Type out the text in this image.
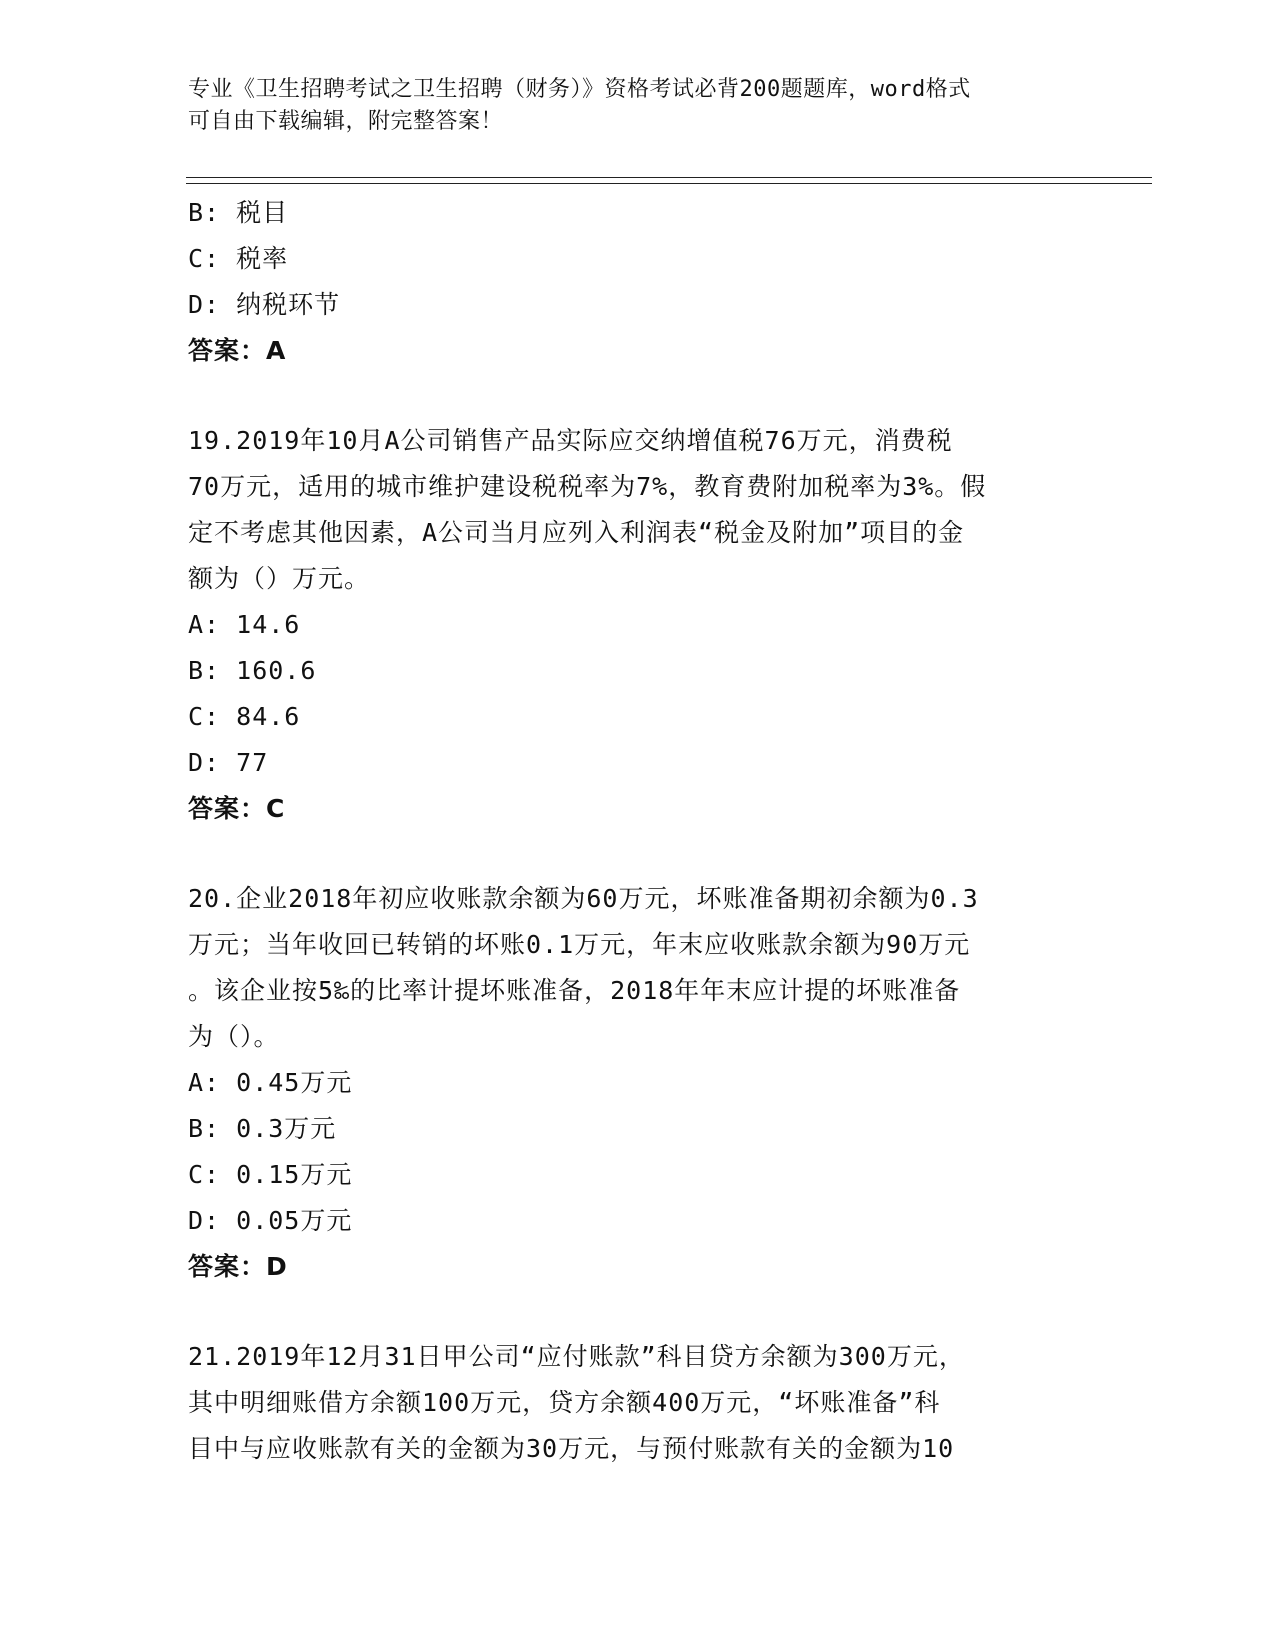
专业《卫生招聘考试之卫生招聘（财务）》资格考试必背200题题库，word格式
可自由下载编辑，附完整答案！
B: 税目
C: 税率
D: 纳税环节
答案：A
19.2019年10月A公司销售产品实际应交纳增值税76万元，消费税
70万元，适用的城市维护建设税税率为7%，教育费附加税率为3%。假
定不考虑其他因素，A公司当月应列入利润表“税金及附加”项目的金
额为（）万元。
A: 14.6
B: 160.6
C: 84.6
D: 77
答案：C
20.企业2018年初应收账款余额为60万元，坏账准备期初余额为0.3
万元；当年收回已转销的坏账0.1万元，年末应收账款余额为90万元
。该企业按5‰的比率计提坏账准备，2018年年末应计提的坏账准备
为（）。
A: 0.45万元
B: 0.3万元
C: 0.15万元
D: 0.05万元
答案：D
21.2019年12月31日甲公司“应付账款”科目贷方余额为300万元，
其中明细账借方余额100万元，贷方余额400万元，“坏账准备”科
目中与应收账款有关的金额为30万元，与预付账款有关的金额为10
